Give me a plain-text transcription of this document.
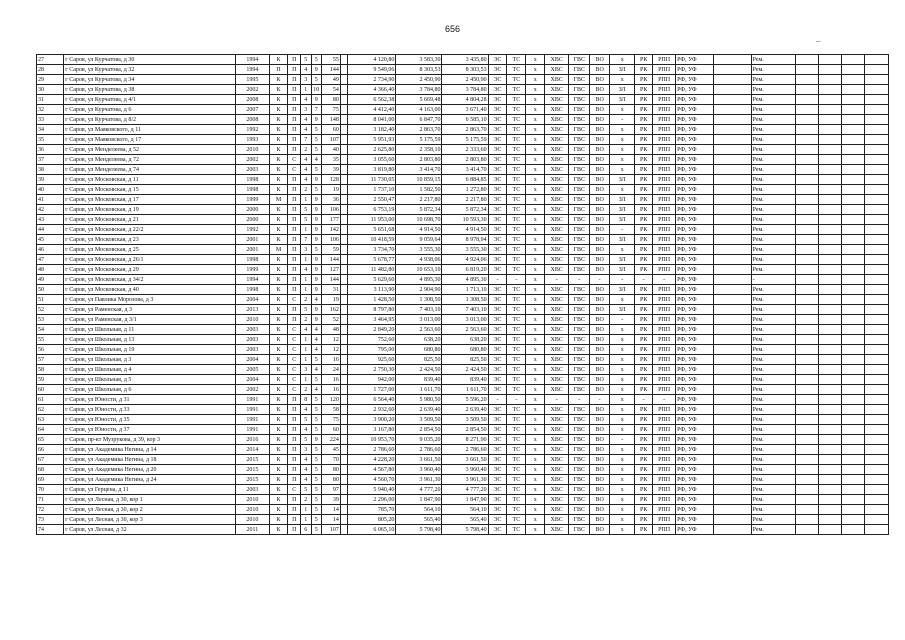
656
_
27	г Саров, ул Курчатова, д 30	1994	К	П	5	5	55		4 120,80	3 583,30	3 435,80	ЭС	ТС	х	ХВС	ГВС	ВО	х	РК	РПП	РФ, УФ		Рем.				
28	г Саров, ул Курчатова, д 32	1994	П	П	4	9	144		9 549,06	8 303,53	8 303,53	ЭС	ТС	х	ХВС	ГВС	ВО	ЗЛ	РК	РПП	РФ, УФ		Рем.				
29	г Саров, ул Курчатова, д 34	1995	К	П	3	5	49		2 734,90	2 450,90	2 450,90	ЭС	ТС	х	ХВС	ГВС	ВО	х	РК	РПП	РФ, УФ		Рем.				
30	г Саров, ул Курчатова, д 38	2002	К	П	1	10	54		4 366,40	3 784,80	3 784,80	ЭС	ТС	х	ХВС	ГВС	ВО	ЗЛ	РК	РПП	РФ, УФ		Рем.				
31	г Саров, ул Курчатова, д 4/1	2008	К	П	4	9	80		6 562,38	5 669,48	4 804,28	ЭС	ТС	х	ХВС	ГВС	ВО	ЗЛ	РК	РПП	РФ, УФ		Рем.				
32	г Саров, ул Курчатова, д 6	2007	К	П	3	7	75		4 412,40	4 163,00	3 671,40	ЭС	ТС	х	ХВС	ГВС	ВО	х	РК	РПП	РФ, УФ		Рем.				
33	г Саров, ул Курчатова, д 8/2	2008	К	П	4	9	148		8 041,00	6 847,70	6 585,10	ЭС	ТС	х	ХВС	ГВС	ВО	-	РК	РПП	РФ, УФ		Рем.				
34	г Саров, ул Маяковского, д 11	1992	К	П	4	5	60		3 182,40	2 863,70	2 863,70	ЭС	ТС	х	ХВС	ГВС	ВО	х	РК	РПП	РФ, УФ		Рем.				
35	г Саров, ул Маяковского, д 17	1993	К	П	7	5	107		5 951,93	5 175,59	5 175,59	ЭС	ТС	х	ХВС	ГВС	ВО	х	РК	РПП	РФ, УФ		Рем.				
36	г Саров, ул Менделеева, д 52	2010	К	П	2	5	40		2 625,80	2 358,10	2 333,60	ЭС	ТС	х	ХВС	ГВС	ВО	х	РК	РПП	РФ, УФ		Рем.				
37	г Саров, ул Менделеева, д 72	2002	К	С	4	4	35		3 055,60	2 803,80	2 803,80	ЭС	ТС	х	ХВС	ГВС	ВО	х	РК	РПП	РФ, УФ		Рем.				
38	г Саров, ул Менделеева, д 74	2003	К	С	4	5	39		3 819,80	3 414,70	3 414,70	ЭС	ТС	х	ХВС	ГВС	ВО	х	РК	РПП	РФ, УФ		Рем.				
39	г Саров, ул Московская, д 11	1998	К	П	4	9	128		11 730,05	10 859,15	6 884,85	ЭС	ТС	х	ХВС	ГВС	ВО	ЗЛ	РК	РПП	РФ, УФ		Рем.				
40	г Саров, ул Московская, д 15	1998	К	П	2	5	19		1 737,10	1 582,50	1 272,80	ЭС	ТС	х	ХВС	ГВС	ВО	х	РК	РПП	РФ, УФ		Рем.				
41	г Саров, ул Московская, д 17	1999	М	П	1	9	36		2 550,47	2 217,80	2 217,80	ЭС	ТС	х	ХВС	ГВС	ВО	ЗЛ	РК	РПП	РФ, УФ		Рем.				
42	г Саров, ул Московская, д 19	2000	К	П	5	9	106		6 753,19	5 872,34	5 872,34	ЭС	ТС	х	ХВС	ГВС	ВО	ЗЛ	РК	РПП	РФ, УФ		Рем.				
43	г Саров, ул Московская, д 21	2000	К	П	5	9	177		11 953,00	10 698,70	10 593,30	ЭС	ТС	х	ХВС	ГВС	ВО	ЗЛ	РК	РПП	РФ, УФ		Рем.				
44	г Саров, ул Московская, д 22/2	1992	К	П	1	9	142		5 651,68	4 914,50	4 914,50	ЭС	ТС	х	ХВС	ГВС	ВО	-	РК	РПП	РФ, УФ		Рем.				
45	г Саров, ул Московская, д 23	2001	К	П	7	9	106		10 418,59	9 059,64	8 978,94	ЭС	ТС	х	ХВС	ГВС	ВО	ЗЛ	РК	РПП	РФ, УФ		Рем.				
46	г Саров, ул Московская, д 25	2001	М	П	3	5	59		3 734,70	3 555,30	3 555,30	ЭС	ТС	х	ХВС	ГВС	ВО	х	РК	РПП	РФ, УФ		Рем.				
47	г Саров, ул Московская, д 26/1	1998	К	П	1	9	144		5 678,77	4 938,06	4 924,06	ЭС	ТС	х	ХВС	ГВС	ВО	ЗЛ	РК	РПП	РФ, УФ		Рем.				
48	г Саров, ул Московская, д 29	1999	К	П	4	9	127		11 482,80	10 653,10	6 819,20	ЭС	ТС	х	ХВС	ГВС	ВО	ЗЛ	РК	РПП	РФ, УФ		Рем.				
49	г Саров, ул Московская, д 34/2	1994	К	П	1	9	144		5 629,60	4 895,30	4 895,30	-	-	х	-	-	-	-	-	-	РФ, УФ		-				
50	г Саров, ул Московская, д 40	1998	К	П	1	9	31		3 113,90	2 904,90	1 713,10	ЭС	ТС	х	ХВС	ГВС	ВО	ЗЛ	РК	РПП	РФ, УФ		Рем.				
51	г Саров, ул Павлика Морозова, д 3	2004	К	С	2	4	19		1 428,50	1 308,50	1 308,50	ЭС	ТС	х	ХВС	ГВС	ВО	х	РК	РПП	РФ, УФ		Рем.				
52	г Саров, ул Раменская, д 3	2013	К	П	5	9	162		8 797,80	7 403,10	7 403,10	ЭС	ТС	х	ХВС	ГВС	ВО	ЗЛ	РК	РПП	РФ, УФ		Рем.				
53	г Саров, ул Раменская, д 3/1	2010	К	П	2	9	52		3 464,95	3 013,00	3 013,00	ЭС	ТС	х	ХВС	ГВС	ВО	-	РК	РПП	РФ, УФ		Рем.				
54	г Саров, ул Школьная, д 11	2003	К	С	4	4	48		2 849,20	2 563,60	2 563,60	ЭС	ТС	х	ХВС	ГВС	ВО	х	РК	РПП	РФ, УФ		Рем.				
55	г Саров, ул Школьная, д 13	2003	К	С	1	4	12		752,60	638,20	638,20	ЭС	ТС	х	ХВС	ГВС	ВО	х	РК	РПП	РФ, УФ		Рем.				
56	г Саров, ул Школьная, д 19	2003	К	С	1	4	12		795,00	680,80	680,80	ЭС	ТС	х	ХВС	ГВС	ВО	х	РК	РПП	РФ, УФ		Рем.				
57	г Саров, ул Школьная, д 3	2004	К	С	1	5	16		925,60	825,50	825,50	ЭС	ТС	х	ХВС	ГВС	ВО	х	РК	РПП	РФ, УФ		Рем.				
58	г Саров, ул Школьная, д 4	2005	К	С	3	4	24		2 750,30	2 424,50	2 424,50	ЭС	ТС	х	ХВС	ГВС	ВО	х	РК	РПП	РФ, УФ		Рем.				
59	г Саров, ул Школьная, д 5	2004	К	С	1	5	16		942,00	839,40	839,40	ЭС	ТС	х	ХВС	ГВС	ВО	х	РК	РПП	РФ, УФ		Рем.				
60	г Саров, ул Школьная, д 6	2002	К	С	2	4	16		1 727,00	1 611,70	1 611,70	ЭС	ТС	х	ХВС	ГВС	ВО	х	РК	РПП	РФ, УФ		Рем.				
61	г Саров, ул Юности, д 31	1991	К	П	8	5	120		6 564,40	5 980,50	5 596,20	-	-	х	-	-	-	х	-	-	РФ, УФ		Рем.				
62	г Саров, ул Юности, д 33	1991	К	П	4	5	58		2 932,60	2 639,40	2 639,40	ЭС	ТС	х	ХВС	ГВС	ВО	х	РК	РПП	РФ, УФ		Рем.				
63	г Саров, ул Юности, д 35	1991	К	П	5	5	75		3 900,20	3 509,50	3 509,50	ЭС	ТС	х	ХВС	ГВС	ВО	х	РК	РПП	РФ, УФ		Рем.				
64	г Саров, ул Юности, д 37	1991	К	П	4	5	60		3 167,80	2 854,50	2 854,50	ЭС	ТС	х	ХВС	ГВС	ВО	х	РК	РПП	РФ, УФ		Рем.				
65	г Саров, пр-кт Музрукова, д 39, кор 3	2016	К	П	5	9	224		10 953,70	9 035,20	8 271,90	ЭС	ТС	х	ХВС	ГВС	ВО	-	РК	РПП	РФ, УФ		Рем.				
66	г Саров, ул Академика Негина, д 14	2014	К	П	3	5	45		2 786,60	2 786,60	2 786,60	ЭС	ТС	х	ХВС	ГВС	ВО	х	РК	РПП	РФ, УФ		Рем.				
67	г Саров, ул Академика Негина, д 18	2015	К	П	4	5	70		4 228,20	3 661,50	3 661,50	ЭС	ТС	х	ХВС	ГВС	ВО	х	РК	РПП	РФ, УФ		Рем.				
68	г Саров, ул Академика Негина, д 20	2015	К	П	4	5	80		4 567,80	3 960,40	3 960,40	ЭС	ТС	х	ХВС	ГВС	ВО	х	РК	РПП	РФ, УФ		Рем.				
69	г Саров, ул Академика Негина, д 24	2015	К	П	4	5	80		4 560,70	3 961,30	3 961,30	ЭС	ТС	х	ХВС	ГВС	ВО	х	РК	РПП	РФ, УФ		Рем.				
70	г Саров, ул Герцена, д 11	2003	К	С	5	5	97		5 940,40	4 777,20	4 777,20	ЭС	ТС	х	ХВС	ГВС	ВО	х	РК	РПП	РФ, УФ		Рем.				
71	г Саров, ул Лесная, д 30, кор 1	2010	К	П	2	5	39		2 296,00	1 847,90	1 847,90	ЭС	ТС	х	ХВС	ГВС	ВО	х	РК	РПП	РФ, УФ		Рем.				
72	г Саров, ул Лесная, д 30, кор 2	2010	К	П	1	5	14		785,70	564,10	564,10	ЭС	ТС	х	ХВС	ГВС	ВО	х	РК	РПП	РФ, УФ		Рем.				
73	г Саров, ул Лесная, д 30, кор 3	2010	К	П	1	5	14		805,20	565,40	565,40	ЭС	ТС	х	ХВС	ГВС	ВО	х	РК	РПП	РФ, УФ		Рем.				
74	г Саров, ул Лесная, д 32	2011	К	П	6	5	107		6 065,10	5 798,40	5 798,40	ЭС	ТС	х	ХВС	ГВС	ВО	х	РК	РПП	РФ, УФ		Рем.				
